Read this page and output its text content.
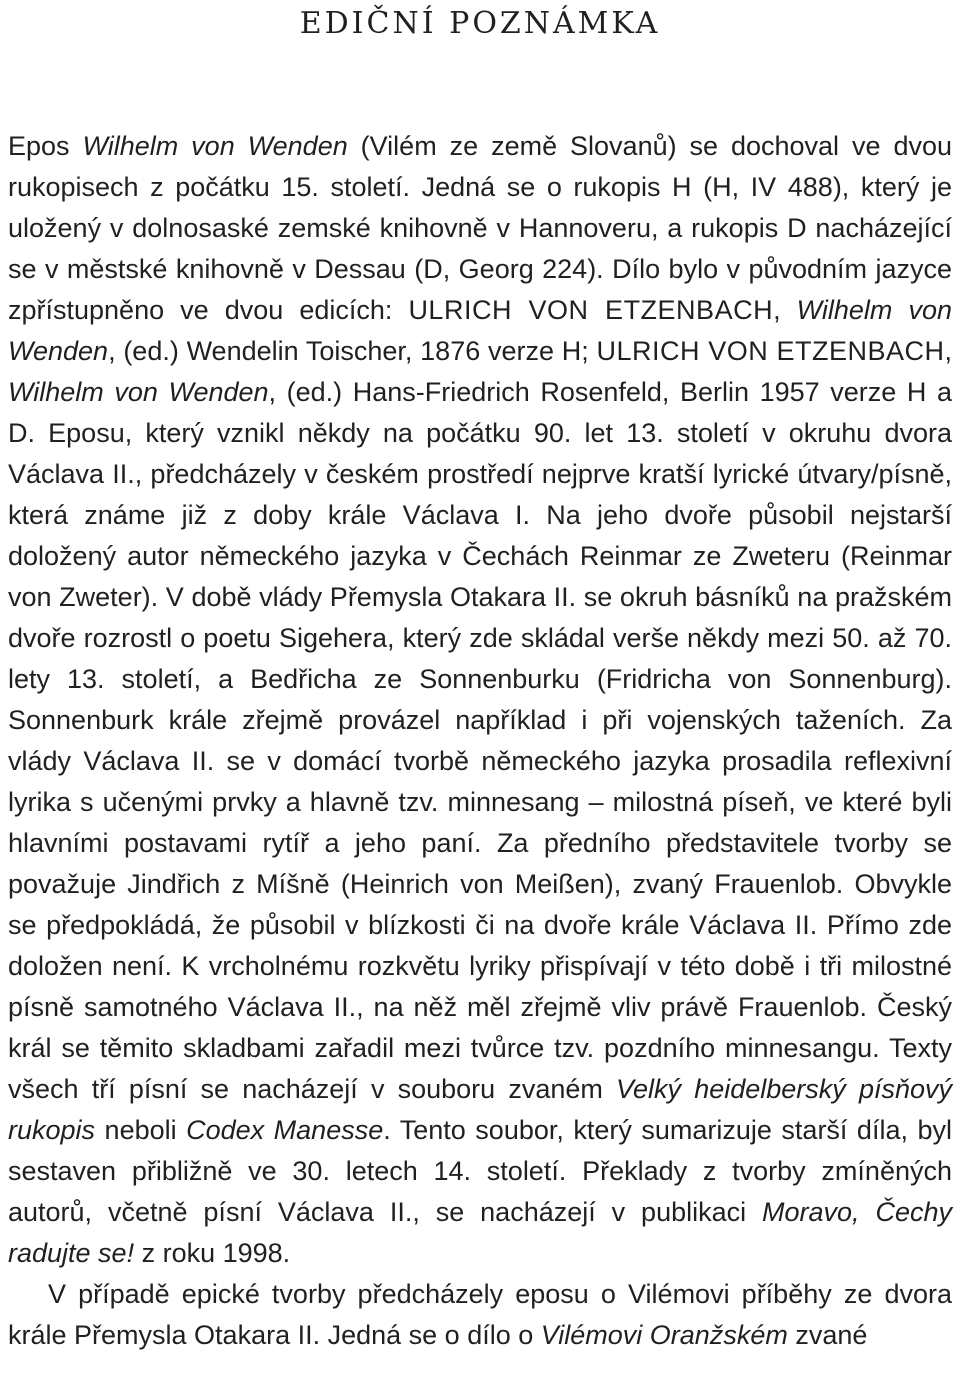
EDIČNÍ POZNÁMKA

Epos Wilhelm von Wenden (Vilém ze země Slovanů) se dochoval ve dvou rukopisech z počátku 15. století. Jedná se o rukopis H (H, IV 488), který je uložený v dolnosaské zemské knihovně v Hannoveru, a rukopis D nacházející se v městské knihovně v Dessau (D, Georg 224). Dílo bylo v původním jazyce zpřístupněno ve dvou edicích: ULRICH VON ETZENBACH, Wilhelm von Wenden, (ed.) Wendelin Toischer, 1876 verze H; ULRICH VON ETZENBACH, Wilhelm von Wenden, (ed.) Hans-Friedrich Rosenfeld, Berlin 1957 verze H a D. Eposu, který vznikl někdy na počátku 90. let 13. století v okruhu dvora Václava II., předcházely v českém prostředí nejprve kratší lyrické útvary/písně, která známe již z doby krále Václava I. Na jeho dvoře působil nejstarší doložený autor německého jazyka v Čechách Reinmar ze Zweteru (Reinmar von Zweter). V době vlády Přemysla Otakara II. se okruh básníků na pražském dvoře rozrostl o poetu Sigehera, který zde skládal verše někdy mezi 50. až 70. lety 13. století, a Bedřicha ze Sonnenburku (Fridricha von Sonnenburg). Sonnenburk krále zřejmě provázel například i při vojenských taženích. Za vlády Václava II. se v domácí tvorbě německého jazyka prosadila reflexivní lyrika s učenými prvky a hlavně tzv. minnesang – milostná píseň, ve které byli hlavními postavami rytíř a jeho paní. Za předního představitele tvorby se považuje Jindřich z Míšně (Heinrich von Meißen), zvaný Frauenlob. Obvykle se předpokládá, že působil v blízkosti či na dvoře krále Václava II. Přímo zde doložen není. K vrcholnému rozkvětu lyriky přispívají v této době i tři milostné písně samotného Václava II., na něž měl zřejmě vliv právě Frauenlob. Český král se těmito skladbami zařadil mezi tvůrce tzv. pozdního minnesangu. Texty všech tří písní se nacházejí v souboru zvaném Velký heidelberský písňový rukopis neboli Codex Manesse. Tento soubor, který sumarizuje starší díla, byl sestaven přibližně ve 30. letech 14. století. Překlady z tvorby zmíněných autorů, včetně písní Václava II., se nacházejí v publikaci Moravo, Čechy radujte se! z roku 1998.

V případě epické tvorby předcházely eposu o Vilémovi příběhy ze dvora krále Přemysla Otakara II. Jedná se o dílo o Vilémovi Oranžském zvané
